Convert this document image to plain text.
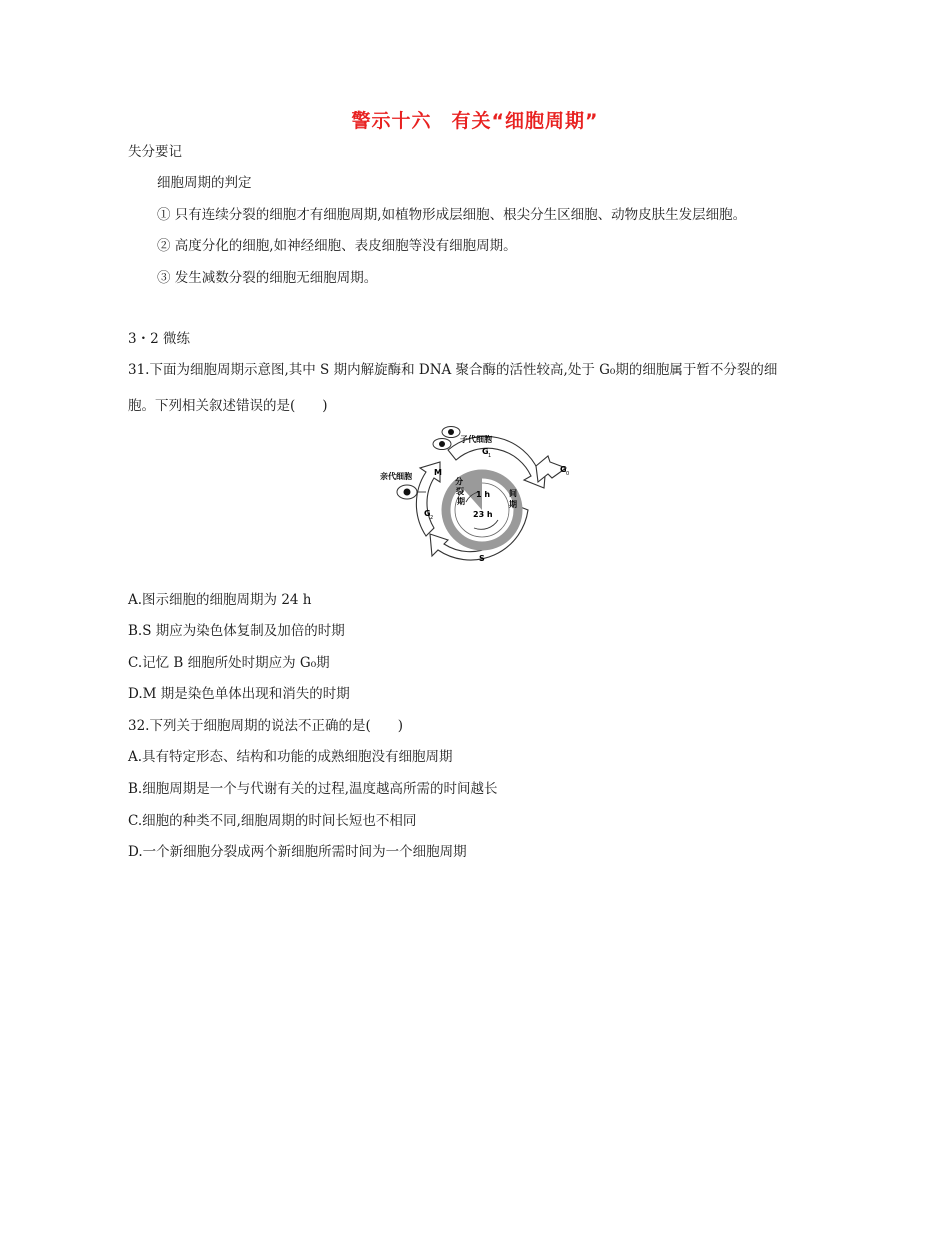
警示十六　有关“细胞周期”
失分要记
细胞周期的判定
① 只有连续分裂的细胞才有细胞周期,如植物形成层细胞、根尖分生区细胞、动物皮肤生发层细胞。
② 高度分化的细胞,如神经细胞、表皮细胞等没有细胞周期。
③ 发生减数分裂的细胞无细胞周期。
3・2 微练
31.下面为细胞周期示意图,其中 S 期内解旋酶和 DNA 聚合酶的活性较高,处于 G₀期的细胞属于暂不分裂的细
胞。下列相关叙述错误的是(　　)
子代细胞
亲代细胞	M
G 1
G 2
G 0
S
分
裂
期
间
期
1 h
23 h
A.图示细胞的细胞周期为 24 h
B.S 期应为染色体复制及加倍的时期
C.记忆 B 细胞所处时期应为 G₀期
D.M 期是染色单体出现和消失的时期
32.下列关于细胞周期的说法不正确的是(　　)
A.具有特定形态、结构和功能的成熟细胞没有细胞周期
B.细胞周期是一个与代谢有关的过程,温度越高所需的时间越长
C.细胞的种类不同,细胞周期的时间长短也不相同
D.一个新细胞分裂成两个新细胞所需时间为一个细胞周期
